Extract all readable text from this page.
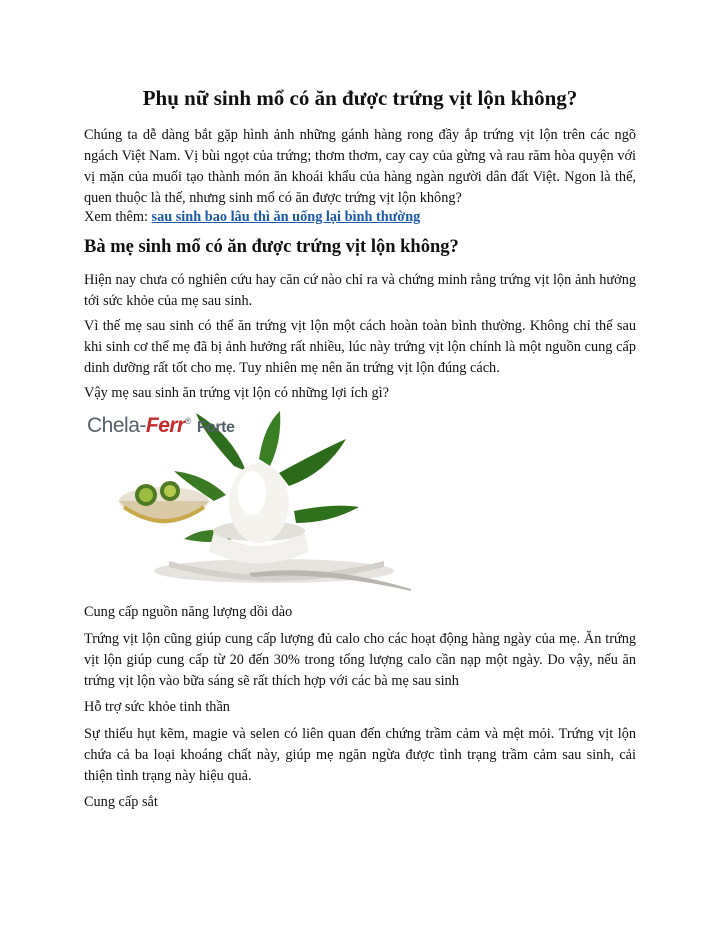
Phụ nữ sinh mổ có ăn được trứng vịt lộn không?

Chúng ta dễ dàng bắt gặp hình ảnh những gánh hàng rong đầy ắp trứng vịt lộn trên các ngõ ngách Việt Nam. Vị bùi ngọt của trứng; thơm thơm, cay cay của gừng và rau răm hòa quyện với vị mặn của muối tạo thành món ăn khoái khẩu của hàng ngàn người dân đất Việt. Ngon là thế, quen thuộc là thế, nhưng sinh mổ có ăn được trứng vịt lộn không?

Xem thêm: sau sinh bao lâu thì ăn uống lại bình thường

Bà mẹ sinh mổ có ăn được trứng vịt lộn không?

Hiện nay chưa có nghiên cứu hay căn cứ nào chỉ ra và chứng minh rằng trứng vịt lộn ảnh hưởng tới sức khỏe của mẹ sau sinh.

Vì thế mẹ sau sinh có thể ăn trứng vịt lộn một cách hoàn toàn bình thường. Không chỉ thế sau khi sinh cơ thể mẹ đã bị ảnh hưởng rất nhiều, lúc này trứng vịt lộn chính là một nguồn cung cấp dinh dưỡng rất tốt cho mẹ. Tuy nhiên mẹ nên ăn trứng vịt lộn đúng cách.

Vậy mẹ sau sinh ăn trứng vịt lộn có những lợi ích gì?

Chela-Ferr® Forte

Cung cấp nguồn năng lượng dồi dào

Trứng vịt lộn cũng giúp cung cấp lượng đủ calo cho các hoạt động hàng ngày của mẹ. Ăn trứng vịt lộn giúp cung cấp từ 20 đến 30% trong tổng lượng calo cần nạp một ngày. Do vậy, nếu ăn trứng vịt lộn vào bữa sáng sẽ rất thích hợp với các bà mẹ sau sinh

Hỗ trợ sức khỏe tinh thần

Sự thiếu hụt kẽm, magie và selen có liên quan đến chứng trầm cảm và mệt mỏi. Trứng vịt lộn chứa cả ba loại khoáng chất này, giúp mẹ ngăn ngừa được tình trạng trầm cảm sau sinh, cải thiện tình trạng này hiệu quả.

Cung cấp sắt
